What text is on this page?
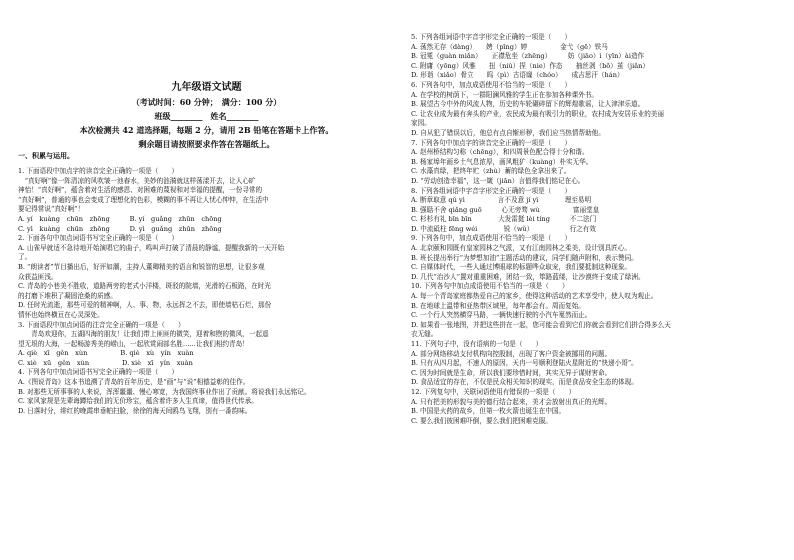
九年级语文试题
（考试时间：60 分钟；　满分：100 分）
班级________　姓名________
本次检测共 42 道选择题，每题 2 分，请用 2B 铅笔在答题卡上作答。
剩余题目请按照要求作答在答题纸上。
一、积累与运用。
1. 下面语段中加点字的读音完全正确的一项是（　　）
　“真好啊”像一阵清凉的风吹皱一池春水，美妙的涟漪就这样荡漾开去，让人心旷
神怡！“真好啊”，蕴含着对生活的感恩、对困难的蔑视和对幸福的提醒，一份寻常的
“真好啊”，普通的事也会变成了理想化的色彩，模糊的事不再让人忧心忡忡，在生活中
要记得常说“真好啊”！
A. yí　kuàng　chūn　zhōng　　　B. yí　guǎng　zhūn　chōng
C. yì　kuàng　chūn　zhōng　　　D. yì　guǎng　zhūn　zhōng
2. 下面各句中加点词语书写完全正确的一项是（　　）
A. 山雀早就适不急待地开始演唱它的曲子，鸣叫声打破了清晨的静谧，提醒我新的一天开始
了。
B. “朗读者”节目播出后，好评如潮，主持人董卿精美的语言和锐智的思想，让很多观
众获益匪浅。
C. 青岛的小巷美不胜收，道路两旁的老式小洋楼，斑驳的院墙，光滑的石板路，在时光
的打磨下堆积了凝固沧桑的质感。
D. 任时光流逝，那些可爱的精神啊，人、事、物，永远挥之不去，即使墙枯石烂，那份
情怀也始终横亘在心灵深处。
3. 下面语段中加点词语的注音完全正确的一项是（　　）
　　青岛欢迎你，五湖四海的朋友！让我们带上匪匪的微笑，迎着和煦的微风，一起遥
望无垠的大海，一起畅游秀美的崂山，一起欣赏闹部名胜……让我们相约青岛！
A. qiè　xī　gěn　xùn　　　　　B. qiè　xù　yín　xuàn
C. xiè　xū　gěn　xùn　　　　　D. xiè　xī　yín　xuàn
4. 下列各句中加点词语书写完全正确的一项是（　　）
A.《图说青岛》这本书追溯了青岛的百年历史，是“画”与“说”相德益彰的佳作。
B. 对那些无所事事的人来说，浑浑噩噩、慢心寒宽，为我国终事业作出了贡献。将说我们永远铭记。
C. 家风家规是先辈诲蹲给我们的无价珍宝，蕴含着许多人生真谛，值得世代传承。
D. 日落时分，绯红的晚霞串垂帕扫脸，徐徐的海天间鸥鸟飞翔，别有一番韵味。
5. 下列各组词语中字音字形完全正确的一项是（　　）
A. 荡然无存（dàng）　　娉（pīng）婷　　　　　金弋（gē）铁马
B. 冠冕（guàn miǎn）　　正襟危坐（zhēng）　　　妨（jiāo）ì（yīn）ài造作
C. 附庸（yōng）风雅　　扭（niǔ）捏（nie）作态　　抽丝剥（bō）茧（jiǎn）
D. 形诣（xiǎo）骨立　　呜（pì）古语窿（chóo）　　成吉思汗（hán）
6. 下列各句中，加点成语使用不恰当的一项是（　　）
A. 在学校的树荫下，一群阳澜风雅的学生正在参加各种课外书。
B. 展望古今中外的风流人物，历史的车轮碾碎留下的辉煌歌谣，让人津津乐道。
C. 让农业成为最有奔头的产业，农民成为最有吸引力的职业，农村成为安居乐业的美丽
家园。
D. 自从犯了错误以后，他总有点自惭形秽，我们应当热情帮助他。
7. 下列各句中加点字的读音完全正确的一项是（　　）
A. 赵州桥结构匀称（chēng），和四周景色配合得十分和谐。
B. 杨家埠年画乡土气息浓厚，画风粗犷（kuàng）朴实无华。
C. 水藻真绿，把终年贮（zhù）蓄的绿色全拿出来了。
D. “劳动创造幸福”，这一箴（jiān）言值得我们铭记在心。
8. 下列各组词语中字音字形完全正确的一项是（　　）
A. 断章取意 qǔ yì　　　　　言不及意 jí yì　　　　理至易明
B. 强聒不舍 qiǎng guō　　　心无旁骛 wù　　　　　富丽堂皇
C. 杉杉有礼 bīn bīn　　　　大发雷挺 lèi tíng　　　不二法门
D. 中流砥柱 fēng wéi　　　　锐（wǔ）　　　　　　行之有效
9. 下列各句中，加点成语使用不恰当的一项是（　　）
A. 北京颐和园既有皇家园林之气派，又有江南园林之柔美，设计别具匠心。
B. 班长提出举行“为梦想加油”主题活动的建议，同学们随声附和，表示赞同。
C. 自媒体时代，一些人通过博眼球的标题哗众取宠，我们要抵制这种现象。
D. 几代“治沙人”置对重重困难，团结一致，筚路蓝缕，让沙漠终于变成了绿洲。
10. 下列各句中加点成语使用不恰当的一项是（　　）
A. 每一个青岛家庭都热爱自己的家乡，使得这种活动的艺术享受中，使人叹为观止。
B. 在地球上温带和亚热带区域里，每年都会有。周而复始。
C. 一个行人突然横穿马路，一辆快速行驶的小汽车戛然而止。
D. 如果看一张地图，并把这些拼在一起，您可能会看到它们你就会看到它们拼合得多么天
衣无缝。
11. 下列句子中，没有语病的一句是（　　）
A. 部分网络移动支付机构向控股制，出现了客户资金被挪用的问题。
B. 只有从四月起，不速人的原因，天冉一号顺利登陆火星附近的“快递小哥”。
C. 因为时间就是生命，所以我们要珍惜时间，其实无异于谋财害命。
D. 食品适宜的存在，不仅是民众相关知识的现实，而是食品安全生态的体现。
12. 下列复句中，关联词语使用有错误的一项是（　　）
A. 只有把美的形貌与美的德行结合起来，美才会放射出真正的光辉。
B. 中国是火药的故乡，但第一枚火箭也诞生在中国。
C. 要么我们彼困难吓倒，要么我们把困难克服。
